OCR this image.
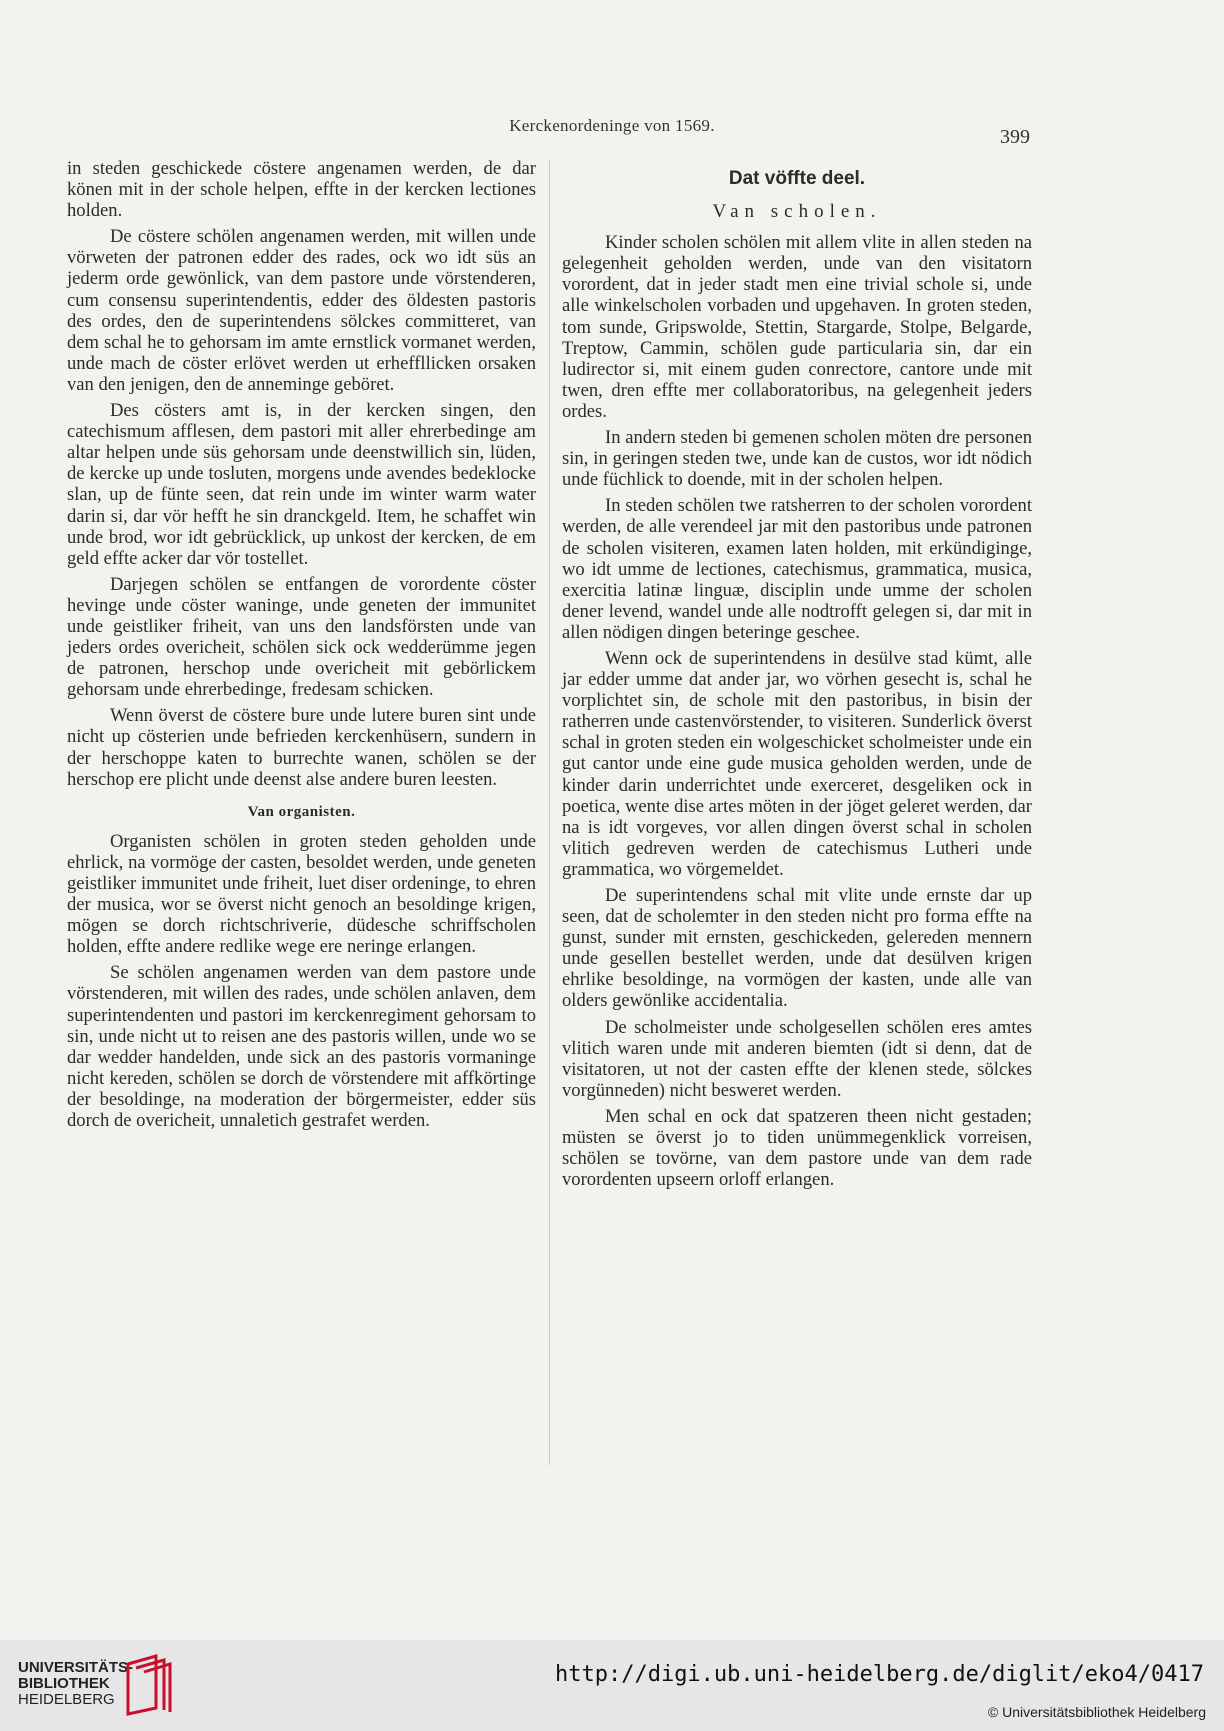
Kerckenordeninge von 1569.
399

in steden geschickede cöstere angenamen werden, de dar könen mit in der schole helpen, effte in der kercken lectiones holden.

De cöstere schölen angenamen werden, mit willen unde vörweten der patronen edder des rades, ock wo idt süs an jederm orde gewönlick, van dem pastore unde vörstenderen, cum consensu superintendentis, edder des öldesten pastoris des ordes, den de superintendens sölckes committeret, van dem schal he to gehorsam im amte ernstlick vormanet werden, unde mach de cöster erlövet werden ut erheffllicken orsaken van den jenigen, den de anneminge geböret.

Des cösters amt is, in der kercken singen, den catechismum afflesen, dem pastori mit aller ehrerbedinge am altar helpen unde süs gehorsam unde deenstwillich sin, lüden, de kercke up unde tosluten, morgens unde avendes bedeklocke slan, up de fünte seen, dat rein unde im winter warm water darin si, dar vör hefft he sin dranckgeld. Item, he schaffet win unde brod, wor idt gebrücklick, up unkost der kercken, de em geld effte acker dar vör tostellet.

Darjegen schölen se entfangen de vorordente cöster hevinge unde cöster waninge, unde geneten der immunitet unde geistliker friheit, van uns den landsförsten unde van jeders ordes overicheit, schölen sick ock wedderümme jegen de patronen, herschop unde overicheit mit gebörlickem gehorsam unde ehrerbedinge, fredesam schicken.

Wenn överst de cöstere bure unde lutere buren sint unde nicht up cösterien unde befrieden kerckenhüsern, sundern in der herschoppe katen to burrechte wanen, schölen se der herschop ere plicht unde deenst alse andere buren leesten.

Van organisten.

Organisten schölen in groten steden geholden unde ehrlick, na vormöge der casten, besoldet werden, unde geneten geistliker immunitet unde friheit, luet diser ordeninge, to ehren der musica, wor se överst nicht genoch an besoldinge krigen, mögen se dorch richtschriverie, düdesche schriffscholen holden, effte andere redlike wege ere neringe erlangen.

Se schölen angenamen werden van dem pastore unde vörstenderen, mit willen des rades, unde schölen anlaven, dem superintendenten und pastori im kerckenregiment gehorsam to sin, unde nicht ut to reisen ane des pastoris willen, unde wo se dar wedder handelden, unde sick an des pastoris vormaninge nicht kereden, schölen se dorch de vörstendere mit affkörtinge der besoldinge, na moderation der börgermeister, edder süs dorch de overicheit, unnaletich gestrafet werden.

Dat vöffte deel.
Van scholen.

Kinder scholen schölen mit allem vlite in allen steden na gelegenheit geholden werden, unde van den visitatorn vorordent, dat in jeder stadt men eine trivial schole si, unde alle winkelscholen vorbaden und upgehaven. In groten steden, tom sunde, Gripswolde, Stettin, Stargarde, Stolpe, Belgarde, Treptow, Cammin, schölen gude particularia sin, dar ein ludirector si, mit einem guden conrectore, cantore unde mit twen, dren effte mer collaboratoribus, na gelegenheit jeders ordes.

In andern steden bi gemenen scholen möten dre personen sin, in geringen steden twe, unde kan de custos, wor idt nödich unde füchlick to doende, mit in der scholen helpen.

In steden schölen twe ratsherren to der scholen vorordent werden, de alle verendeel jar mit den pastoribus unde patronen de scholen visiteren, examen laten holden, mit erkündiginge, wo idt umme de lectiones, catechismus, grammatica, musica, exercitia latinæ linguæ, disciplin unde umme der scholen dener levend, wandel unde alle nodtrofft gelegen si, dar mit in allen nödigen dingen beteringe geschee.

Wenn ock de superintendens in desülve stad kümt, alle jar edder umme dat ander jar, wo vörhen gesecht is, schal he vorplichtet sin, de schole mit den pastoribus, in bisin der ratherren unde castenvörstender, to visiteren. Sunderlick överst schal in groten steden ein wolgeschicket scholmeister unde ein gut cantor unde eine gude musica geholden werden, unde de kinder darin underrichtet unde exerceret, desgeliken ock in poetica, wente dise artes möten in der jöget geleret werden, dar na is idt vorgeves, vor allen dingen överst schal in scholen vlitich gedreven werden de catechismus Lutheri unde grammatica, wo vörgemeldet.

De superintendens schal mit vlite unde ernste dar up seen, dat de scholemter in den steden nicht pro forma effte na gunst, sunder mit ernsten, geschickeden, gelereden mennern unde gesellen bestellet werden, unde dat desülven krigen ehrlike besoldinge, na vormögen der kasten, unde alle van olders gewönlike accidentalia.

De scholmeister unde scholgesellen schölen eres amtes vlitich waren unde mit anderen biemten (idt si denn, dat de visitatoren, ut not der casten effte der klenen stede, sölckes vorgünneden) nicht besweret werden.

Men schal en ock dat spatzeren theen nicht gestaden; müsten se överst jo to tiden unümmegenklick vorreisen, schölen se tovörne, van dem pastore unde van dem rade vorordenten upseern orloff erlangen.

UNIVERSITÄTS-
BIBLIOTHEK
HEIDELBERG
http://digi.ub.uni-heidelberg.de/diglit/eko4/0417
© Universitätsbibliothek Heidelberg
